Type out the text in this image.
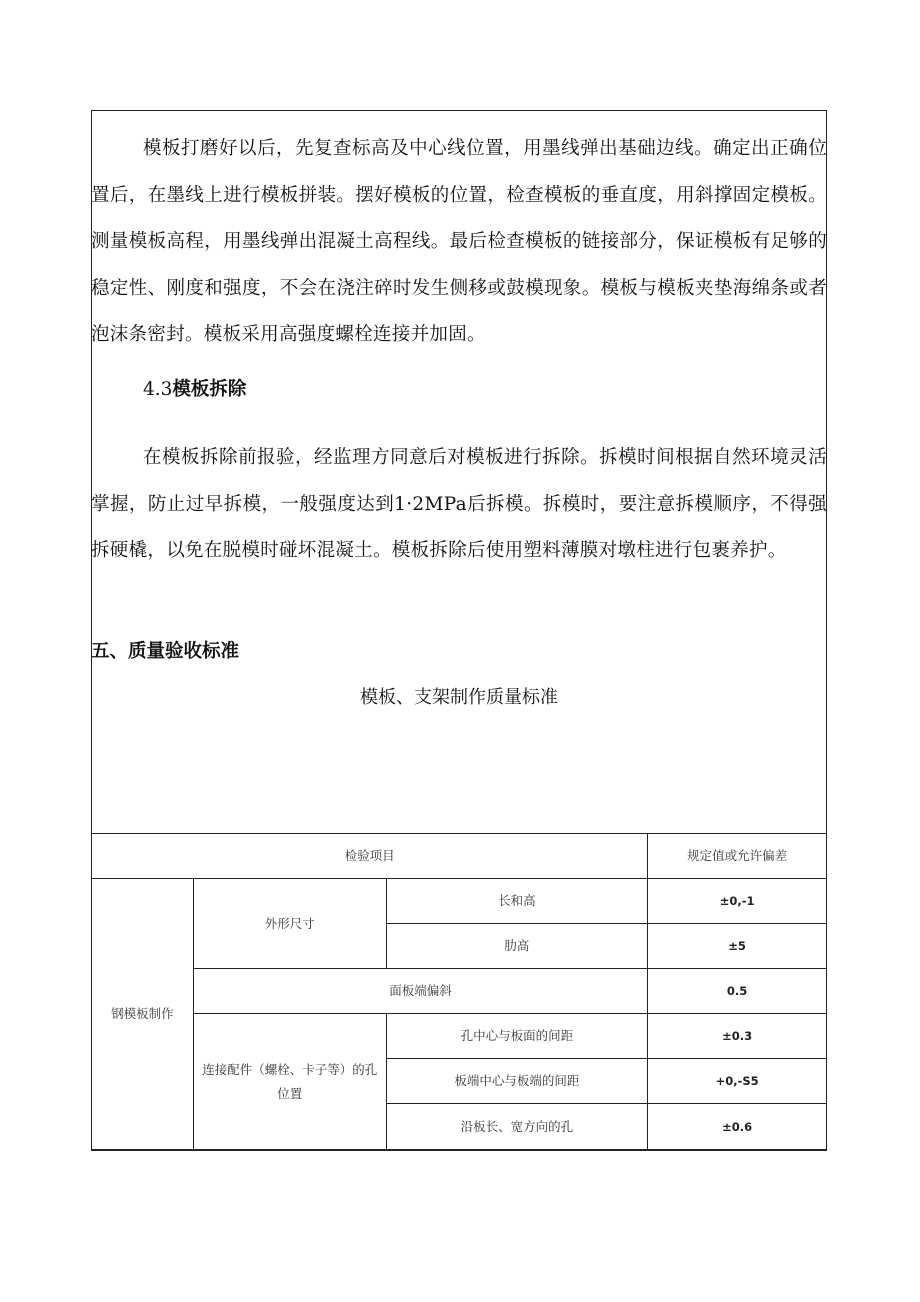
模板打磨好以后，先复查标高及中心线位置，用墨线弹出基础边线。确定出正确位置后，在墨线上进行模板拼装。摆好模板的位置，检查模板的垂直度，用斜撑固定模板。测量模板高程，用墨线弹出混凝土高程线。最后检查模板的链接部分，保证模板有足够的稳定性、刚度和强度，不会在浇注碎时发生侧移或鼓模现象。模板与模板夹垫海绵条或者泡沫条密封。模板采用高强度螺栓连接并加固。

4.3模板拆除

在模板拆除前报验，经监理方同意后对模板进行拆除。拆模时间根据自然环境灵活掌握，防止过早拆模，一般强度达到1·2MPa后拆模。拆模时，要注意拆模顺序，不得强拆硬橇，以免在脱模时碰坏混凝土。模板拆除后使用塑料薄膜对墩柱进行包裹养护。

五、质量验收标准

模板、支架制作质量标准

检验项目			规定值或允许偏差
钢模板制作	外形尺寸	长和高	±0,-1
		肋高	±5
	面板端偏斜		0.5
	连接配件（螺栓、卡子等）的孔位置	孔中心与板面的间距	±0.3
		板端中心与板端的间距	+0,-S5
		沿板长、宽方向的孔	±0.6
